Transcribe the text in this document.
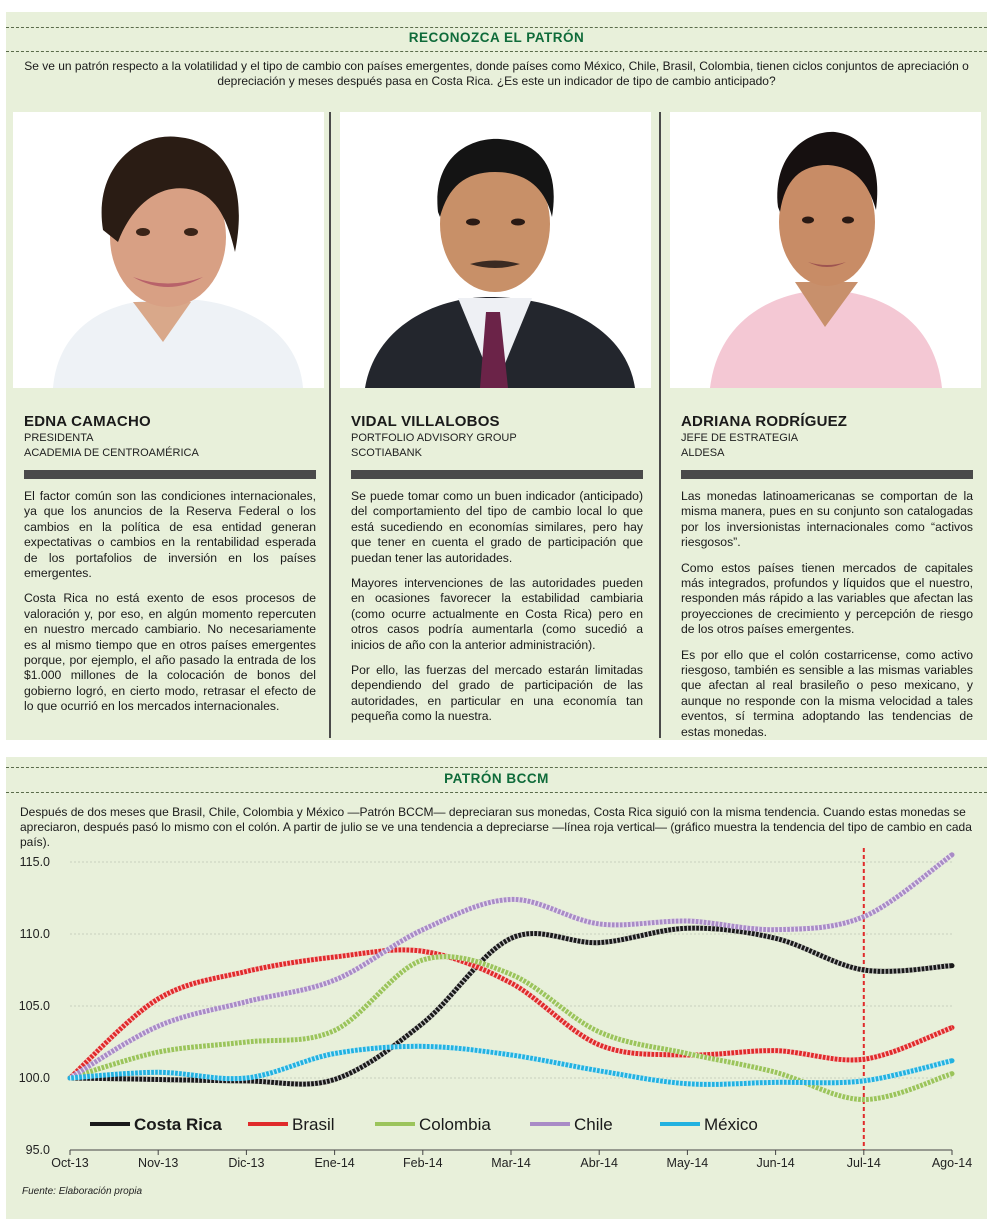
RECONOZCA EL PATRÓN
Se ve un patrón respecto a la volatilidad y el tipo de cambio con países emergentes, donde países como México, Chile, Brasil, Colombia, tienen ciclos conjuntos de apreciación o depreciación y meses después pasa en Costa Rica. ¿Es este un indicador de tipo de cambio anticipado?
EDNA CAMACHO
PRESIDENTA
ACADEMIA DE CENTROAMÉRICA

El factor común son las condiciones internacionales, ya que los anuncios de la Reserva Federal o los cambios en la política de esa entidad generan expectativas o cambios en la rentabilidad esperada de los portafolios de inversión en los países emergentes.

Costa Rica no está exento de esos procesos de valoración y, por eso, en algún momento repercuten en nuestro mercado cambiario. No necesariamente es al mismo tiempo que en otros países emergentes porque, por ejemplo, el año pasado la entrada de los $1.000 millones de la colocación de bonos del gobierno logró, en cierto modo, retrasar el efecto de lo que ocurrió en los mercados internacionales.

VIDAL VILLALOBOS
PORTFOLIO ADVISORY GROUP
SCOTIABANK

Se puede tomar como un buen indicador (anticipado) del comportamiento del tipo de cambio local lo que está sucediendo en economías similares, pero hay que tener en cuenta el grado de participación que puedan tener las autoridades.

Mayores intervenciones de las autoridades pueden en ocasiones favorecer la estabilidad cambiaria (como ocurre actualmente en Costa Rica) pero en otros casos podría aumentarla (como sucedió a inicios de año con la anterior administración).

Por ello, las fuerzas del mercado estarán limitadas dependiendo del grado de participación de las autoridades, en particular en una economía tan pequeña como la nuestra.

ADRIANA RODRÍGUEZ
JEFE DE ESTRATEGIA
ALDESA

Las monedas latinoamericanas se comportan de la misma manera, pues en su conjunto son catalogadas por los inversionistas internacionales como “activos riesgosos”.

Como estos países tienen mercados de capitales más integrados, profundos y líquidos que el nuestro, responden más rápido a las variables que afectan las proyecciones de crecimiento y percepción de riesgo de los otros países emergentes.

Es por ello que el colón costarricense, como activo riesgoso, también es sensible a las mismas variables que afectan al real brasileño o peso mexicano, y aunque no responde con la misma velocidad a tales eventos, sí termina adoptando las tendencias de estas monedas.

PATRÓN BCCM
Después de dos meses que Brasil, Chile, Colombia y México —Patrón BCCM— depreciaran sus monedas, Costa Rica siguió con la misma tendencia. Cuando estas monedas se apreciaron, después pasó lo mismo con el colón. A partir de julio se ve una tendencia a depreciarse —línea roja vertical— (gráfico muestra la tendencia del tipo de cambio en cada país).
95.0
100.0
105.0
110.0
115.0
Oct-13	Nov-13	Dic-13	Ene-14	Feb-14	Mar-14	Abr-14	May-14	Jun-14	Jul-14	Ago-14
Costa Rica	Brasil	Colombia	Chile	México
Fuente: Elaboración propia
